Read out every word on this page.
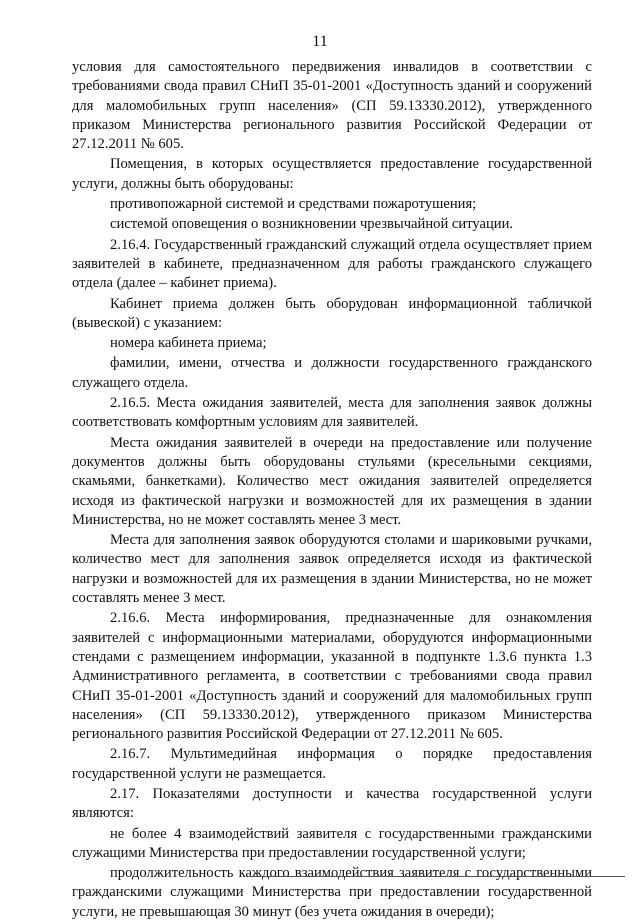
11

условия для самостоятельного передвижения инвалидов в соответствии с требованиями свода правил СНиП 35-01-2001 «Доступность зданий и сооружений для маломобильных групп населения» (СП 59.13330.2012), утвержденного приказом Министерства регионального развития Российской Федерации от 27.12.2011 № 605.

Помещения, в которых осуществляется предоставление государственной услуги, должны быть оборудованы:

противопожарной системой и средствами пожаротушения;

системой оповещения о возникновении чрезвычайной ситуации.

2.16.4. Государственный гражданский служащий отдела осуществляет прием заявителей в кабинете, предназначенном для работы гражданского служащего отдела (далее – кабинет приема).

Кабинет приема должен быть оборудован информационной табличкой (вывеской) с указанием:

номера кабинета приема;

фамилии, имени, отчества и должности государственного гражданского служащего отдела.

2.16.5. Места ожидания заявителей, места для заполнения заявок должны соответствовать комфортным условиям для заявителей.

Места ожидания заявителей в очереди на предоставление или получение документов должны быть оборудованы стульями (кресельными секциями, скамьями, банкетками). Количество мест ожидания заявителей определяется исходя из фактической нагрузки и возможностей для их размещения в здании Министерства, но не может составлять менее 3 мест.

Места для заполнения заявок оборудуются столами и шариковыми ручками, количество мест для заполнения заявок определяется исходя из фактической нагрузки и возможностей для их размещения в здании Министерства, но не может составлять менее 3 мест.

2.16.6. Места информирования, предназначенные для ознакомления заявителей с информационными материалами, оборудуются информационными стендами с размещением информации, указанной в подпункте 1.3.6 пункта 1.3 Административного регламента, в соответствии с требованиями свода правил СНиП 35-01-2001 «Доступность зданий и сооружений для маломобильных групп населения» (СП 59.13330.2012), утвержденного приказом Министерства регионального развития Российской Федерации от 27.12.2011 № 605.

2.16.7. Мультимедийная информация о порядке предоставления государственной услуги не размещается.

2.17. Показателями доступности и качества государственной услуги являются:

не более 4 взаимодействий заявителя с государственными гражданскими служащими Министерства при предоставлении государственной услуги;

продолжительность каждого взаимодействия заявителя с государственными гражданскими служащими Министерства при предоставлении государственной услуги, не превышающая 30 минут (без учета ожидания в очереди);
